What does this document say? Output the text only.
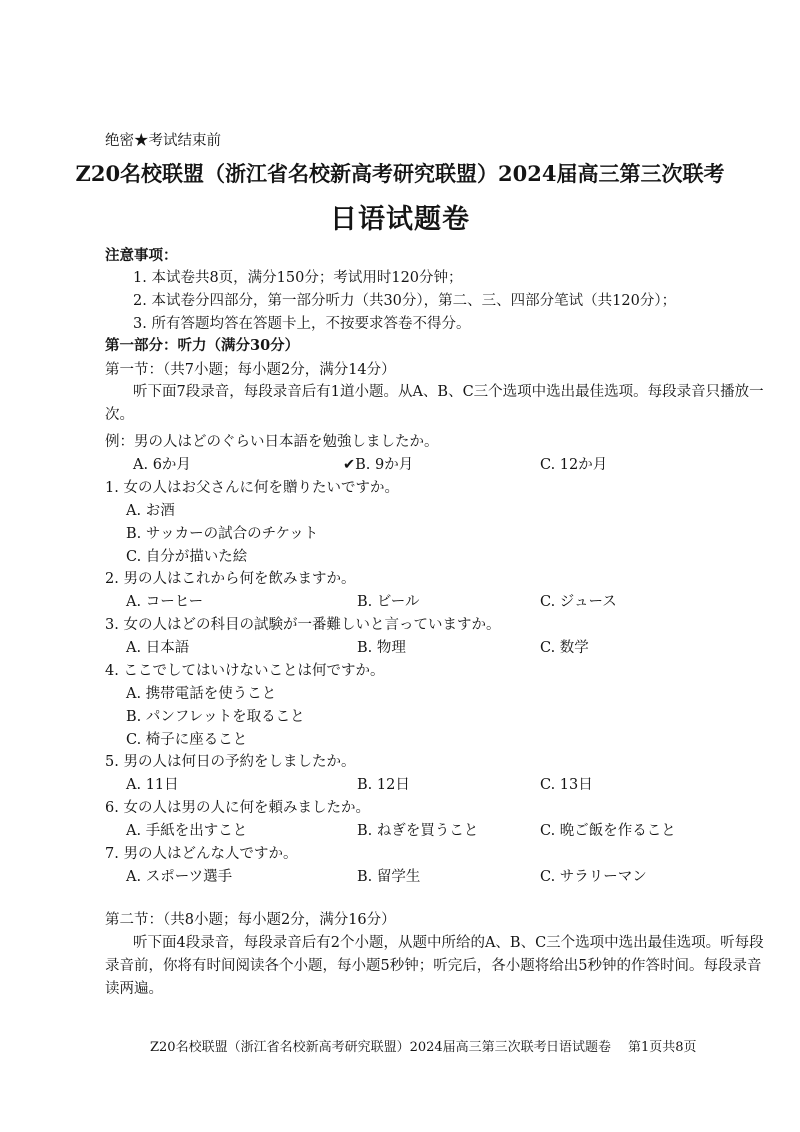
绝密★考试结束前
Z20名校联盟（浙江省名校新高考研究联盟）2024届高三第三次联考
日语试题卷
注意事项：
1. 本试卷共8页，满分150分；考试用时120分钟；
2. 本试卷分四部分，第一部分听力（共30分），第二、三、四部分笔试（共120分）；
3. 所有答题均答在答题卡上，不按要求答卷不得分。
第一部分：听力（满分30分）
第一节：（共7小题；每小题2分，满分14分）
听下面7段录音，每段录音后有1道小题。从A、B、C三个选项中选出最佳选项。每段录音只播放一次。
例：男の人はどのぐらい日本語を勉強しましたか。
A. 6か月	✔B. 9か月	C. 12か月
1. 女の人はお父さんに何を贈りたいですか。
A. お酒
B. サッカーの試合のチケット
C. 自分が描いた絵
2. 男の人はこれから何を飲みますか。
A. コーヒー	B. ビール	C. ジュース
3. 女の人はどの科目の試験が一番難しいと言っていますか。
A. 日本語	B. 物理	C. 数学
4. ここでしてはいけないことは何ですか。
A. 携帯電話を使うこと
B. パンフレットを取ること
C. 椅子に座ること
5. 男の人は何日の予約をしましたか。
A. 11日	B. 12日	C. 13日
6. 女の人は男の人に何を頼みましたか。
A. 手紙を出すこと	B. ねぎを買うこと	C. 晩ご飯を作ること
7. 男の人はどんな人ですか。
A. スポーツ選手	B. 留学生	C. サラリーマン
第二节：（共8小题；每小题2分，满分16分）
听下面4段录音，每段录音后有2个小题，从题中所给的A、B、C三个选项中选出最佳选项。听每段录音前，你将有时间阅读各个小题，每小题5秒钟；听完后，各小题将给出5秒钟的作答时间。每段录音读两遍。
Z20名校联盟（浙江省名校新高考研究联盟）2024届高三第三次联考 日语试题卷 第1页共8页
